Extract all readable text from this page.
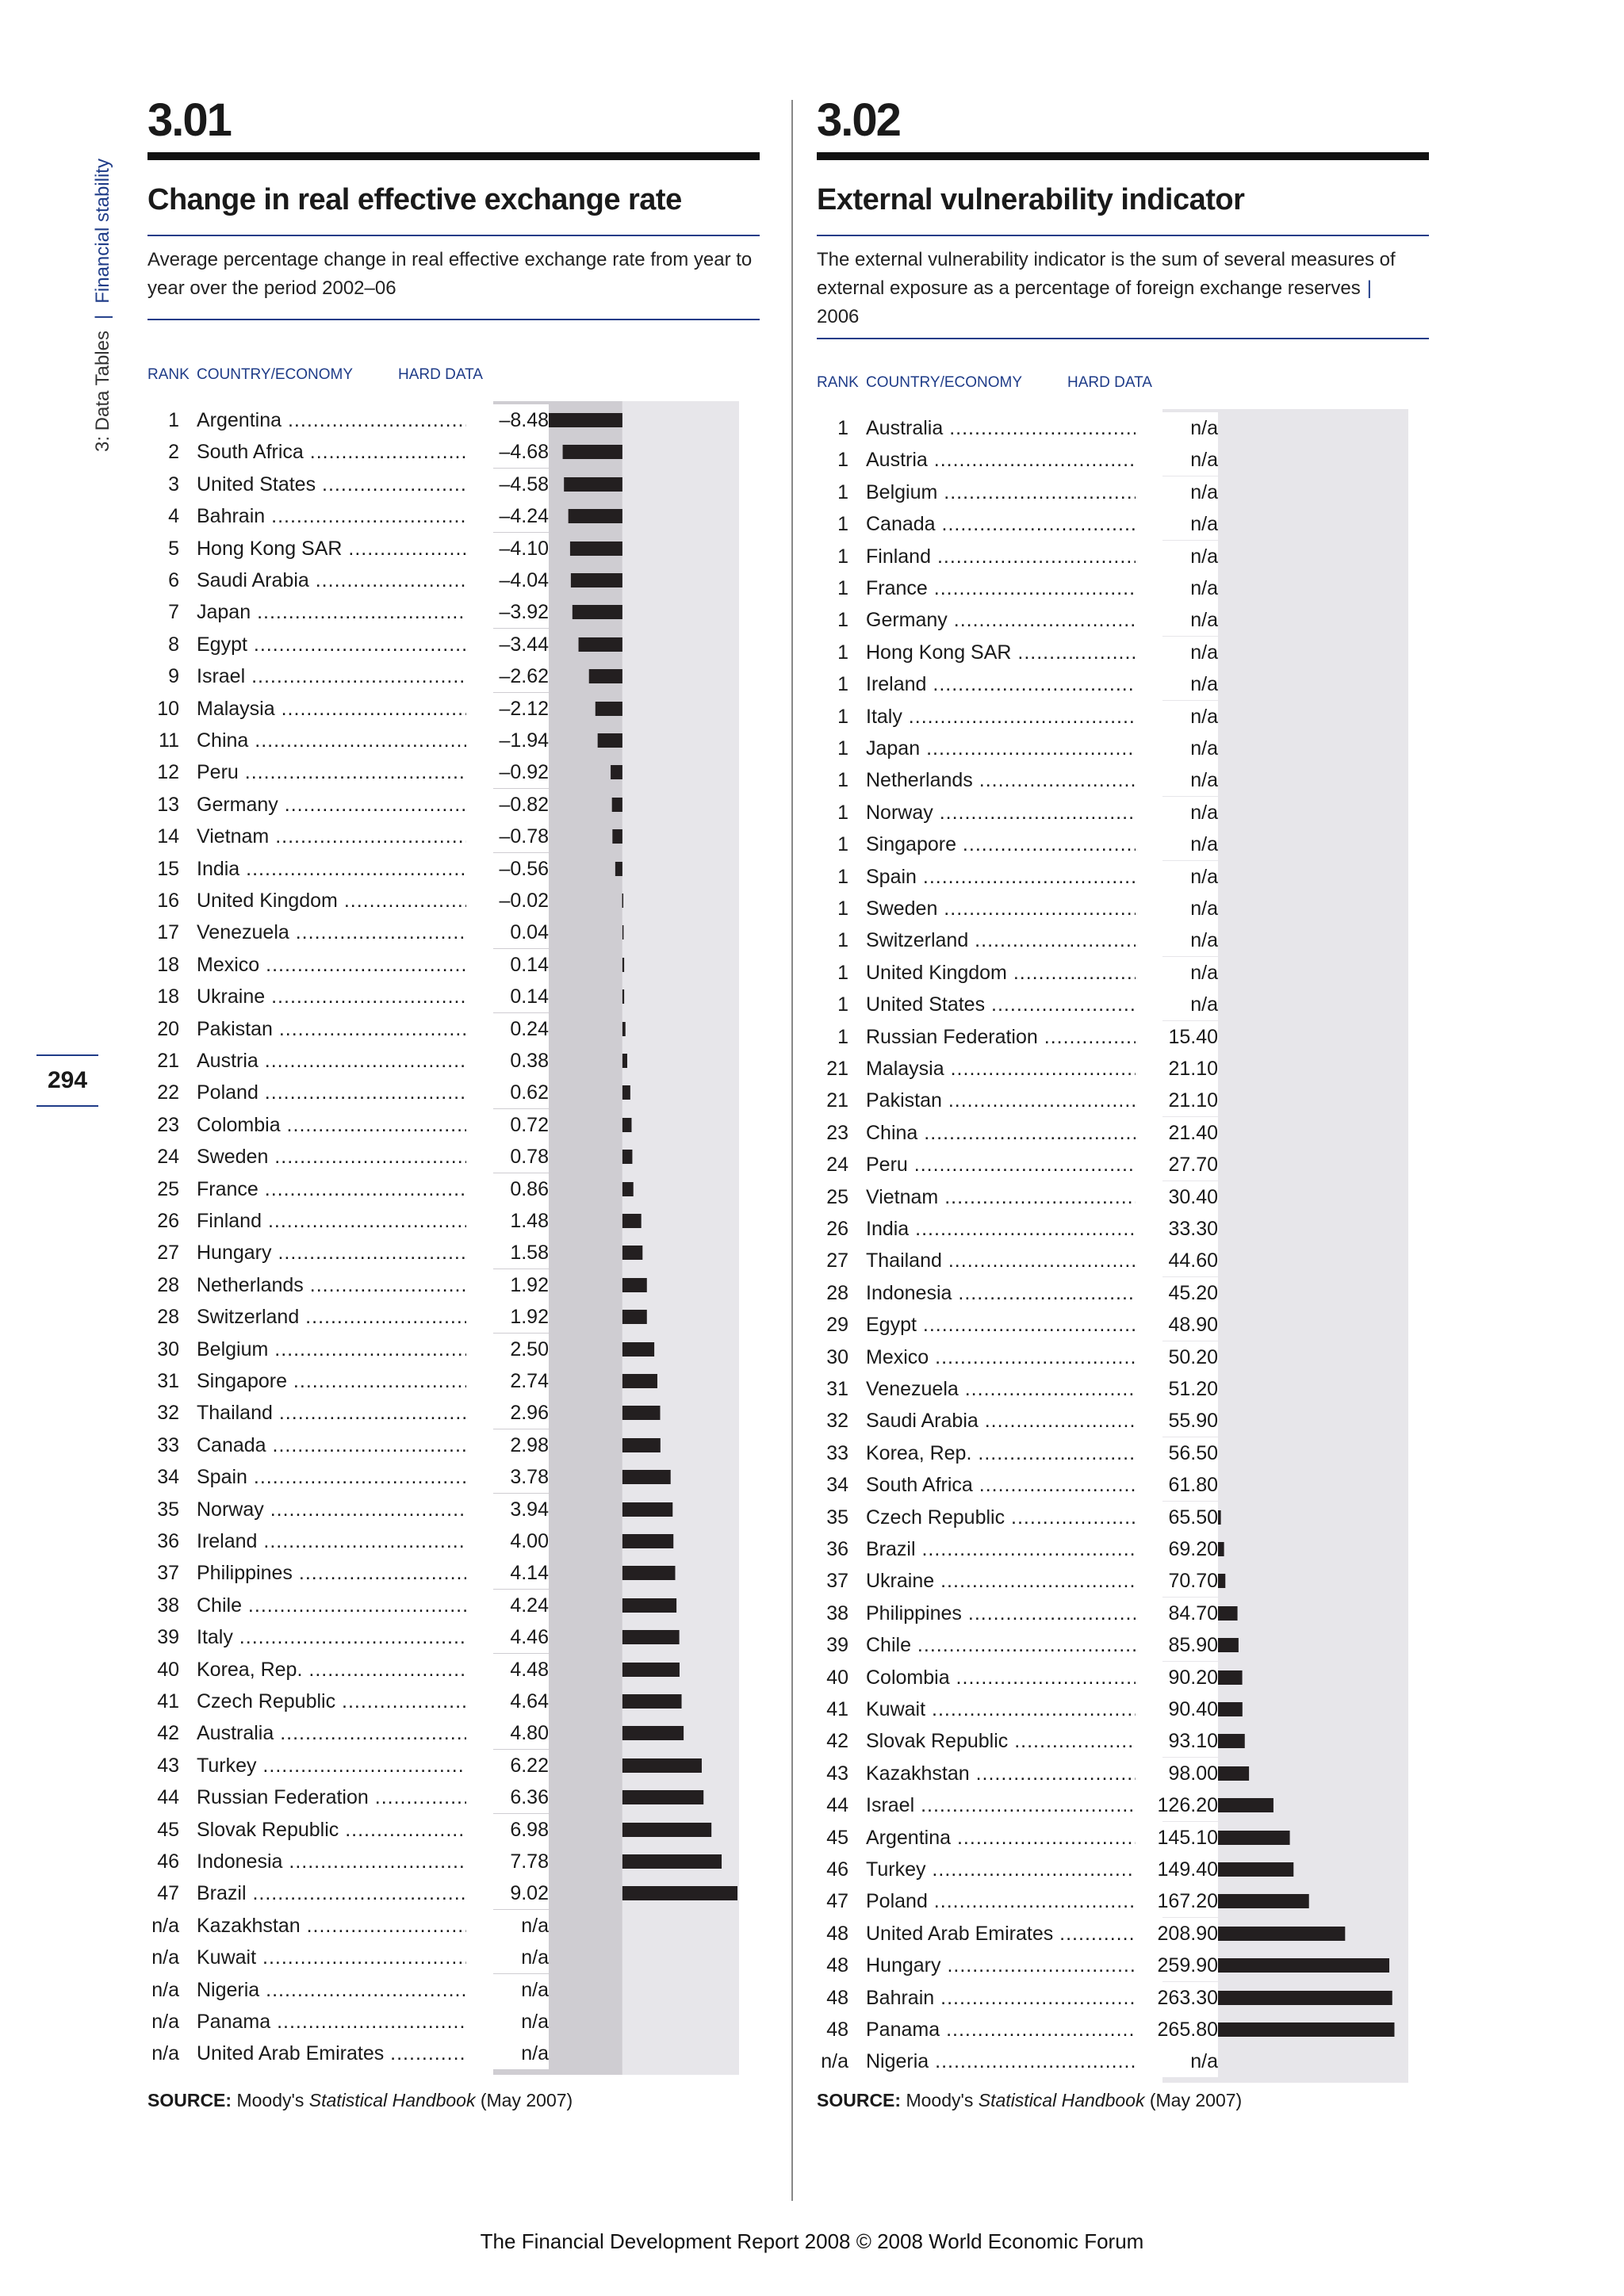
3: Data Tables
|
Financial stability
294
3.01
Change in real effective exchange rate
Average percentage change in real effective exchange rate from year to year over the period 2002–06
RANK COUNTRY/ECONOMY	HARD DATA
1 Argentina .....	–8.48
2 South Africa .....	–4.68
3 United States .....	–4.58
4 Bahrain .....	–4.24
5 Hong Kong SAR .....	–4.10
6 Saudi Arabia .....	–4.04
7 Japan .....	–3.92
8 Egypt .....	–3.44
9 Israel .....	–2.62
10 Malaysia .....	–2.12
11 China .....	–1.94
12 Peru .....	–0.92
13 Germany .....	–0.82
14 Vietnam .....	–0.78
15 India .....	–0.56
16 United Kingdom .....	–0.02
17 Venezuela .....	0.04
18 Mexico .....	0.14
18 Ukraine .....	0.14
20 Pakistan .....	0.24
21 Austria .....	0.38
22 Poland .....	0.62
23 Colombia .....	0.72
24 Sweden .....	0.78
25 France .....	0.86
26 Finland .....	1.48
27 Hungary .....	1.58
28 Netherlands .....	1.92
28 Switzerland .....	1.92
30 Belgium .....	2.50
31 Singapore .....	2.74
32 Thailand .....	2.96
33 Canada .....	2.98
34 Spain .....	3.78
35 Norway .....	3.94
36 Ireland .....	4.00
37 Philippines .....	4.14
38 Chile .....	4.24
39 Italy .....	4.46
40 Korea, Rep. .....	4.48
41 Czech Republic .....	4.64
42 Australia .....	4.80
43 Turkey .....	6.22
44 Russian Federation .....	6.36
45 Slovak Republic .....	6.98
46 Indonesia .....	7.78
47 Brazil .....	9.02
n/a Kazakhstan .....	n/a
n/a Kuwait .....	n/a
n/a Nigeria .....	n/a
n/a Panama .....	n/a
n/a United Arab Emirates .....	n/a
3.02
External vulnerability indicator
The external vulnerability indicator is the sum of several measures of external exposure as a percentage of foreign exchange reserves |
2006
RANK COUNTRY/ECONOMY	HARD DATA
1 Australia .....	n/a
1 Austria .....	n/a
1 Belgium .....	n/a
1 Canada .....	n/a
1 Finland .....	n/a
1 France .....	n/a
1 Germany .....	n/a
1 Hong Kong SAR .....	n/a
1 Ireland .....	n/a
1 Italy .....	n/a
1 Japan .....	n/a
1 Netherlands .....	n/a
1 Norway .....	n/a
1 Singapore .....	n/a
1 Spain .....	n/a
1 Sweden .....	n/a
1 Switzerland .....	n/a
1 United Kingdom .....	n/a
1 United States .....	n/a
1 Russian Federation .....	15.40
21 Malaysia .....	21.10
21 Pakistan .....	21.10
23 China .....	21.40
24 Peru .....	27.70
25 Vietnam .....	30.40
26 India .....	33.30
27 Thailand .....	44.60
28 Indonesia .....	45.20
29 Egypt .....	48.90
30 Mexico .....	50.20
31 Venezuela .....	51.20
32 Saudi Arabia .....	55.90
33 Korea, Rep. .....	56.50
34 South Africa .....	61.80
35 Czech Republic .....	65.50
36 Brazil .....	69.20
37 Ukraine .....	70.70
38 Philippines .....	84.70
39 Chile .....	85.90
40 Colombia .....	90.20
41 Kuwait .....	90.40
42 Slovak Republic .....	93.10
43 Kazakhstan .....	98.00
44 Israel .....	126.20
45 Argentina .....	145.10
46 Turkey .....	149.40
47 Poland .....	167.20
48 United Arab Emirates .....	208.90
48 Hungary .....	259.90
48 Bahrain .....	263.30
48 Panama .....	265.80
n/a Nigeria .....	n/a
SOURCE: Moody's Statistical Handbook (May 2007)	SOURCE: Moody's Statistical Handbook (May 2007)
The Financial Development Report 2008 © 2008 World Economic Forum
